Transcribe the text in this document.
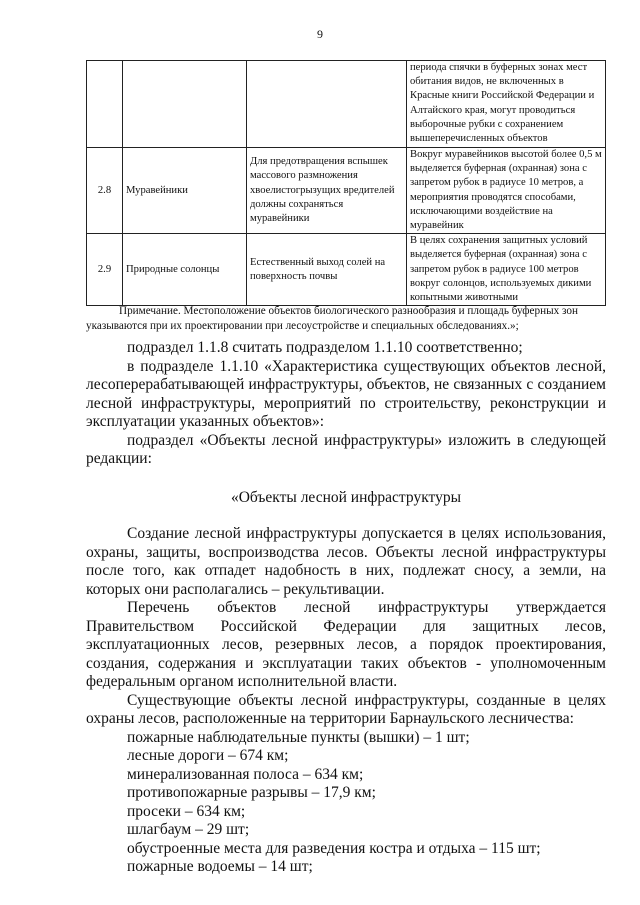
9
			периода спячки в буферных зонах мест обитания видов, не включенных в Красные книги Российской Федерации и Алтайского края, могут проводиться выборочные рубки с сохранением вышеперечисленных объектов
2.8	Муравейники	Для предотвращения вспышек массового размножения хвоелистогрызущих вредителей должны сохраняться муравейники	Вокруг муравейников высотой более 0,5 м выделяется буферная (охранная) зона с запретом рубок в радиусе 10 метров, а мероприятия проводятся способами, исключающими воздействие на муравейник
2.9	Природные солонцы	Естественный выход солей на поверхность почвы	В целях сохранения защитных условий выделяется буферная (охранная) зона с запретом рубок в радиусе 100 метров вокруг солонцов, используемых дикими копытными животными
Примечание. Местоположение объектов биологического разнообразия и площадь буферных зон указываются при их проектировании при лесоустройстве и специальных обследованиях.»;

подраздел 1.1.8 считать подразделом 1.1.10 соответственно;

в подразделе 1.1.10 «Характеристика существующих объектов лесной, лесоперерабатывающей инфраструктуры, объектов, не связанных с созданием лесной инфраструктуры, мероприятий по строительству, реконструкции и эксплуатации указанных объектов»:

подраздел «Объекты лесной инфраструктуры» изложить в следующей редакции:

«Объекты лесной инфраструктуры

Создание лесной инфраструктуры допускается в целях использования, охраны, защиты, воспроизводства лесов. Объекты лесной инфраструктуры после того, как отпадет надобность в них, подлежат сносу, а земли, на которых они располагались – рекультивации.

Перечень объектов лесной инфраструктуры утверждается Правительством Российской Федерации для защитных лесов, эксплуатационных лесов, резервных лесов, а порядок проектирования, создания, содержания и эксплуатации таких объектов - уполномоченным федеральным органом исполнительной власти.

Существующие объекты лесной инфраструктуры, созданные в целях охраны лесов, расположенные на территории Барнаульского лесничества:

пожарные наблюдательные пункты (вышки) – 1 шт;

лесные дороги – 674 км;

минерализованная полоса – 634 км;

противопожарные разрывы – 17,9 км;

просеки – 634 км;

шлагбаум – 29 шт;

обустроенные места для разведения костра и отдыха – 115 шт;

пожарные водоемы – 14 шт;
